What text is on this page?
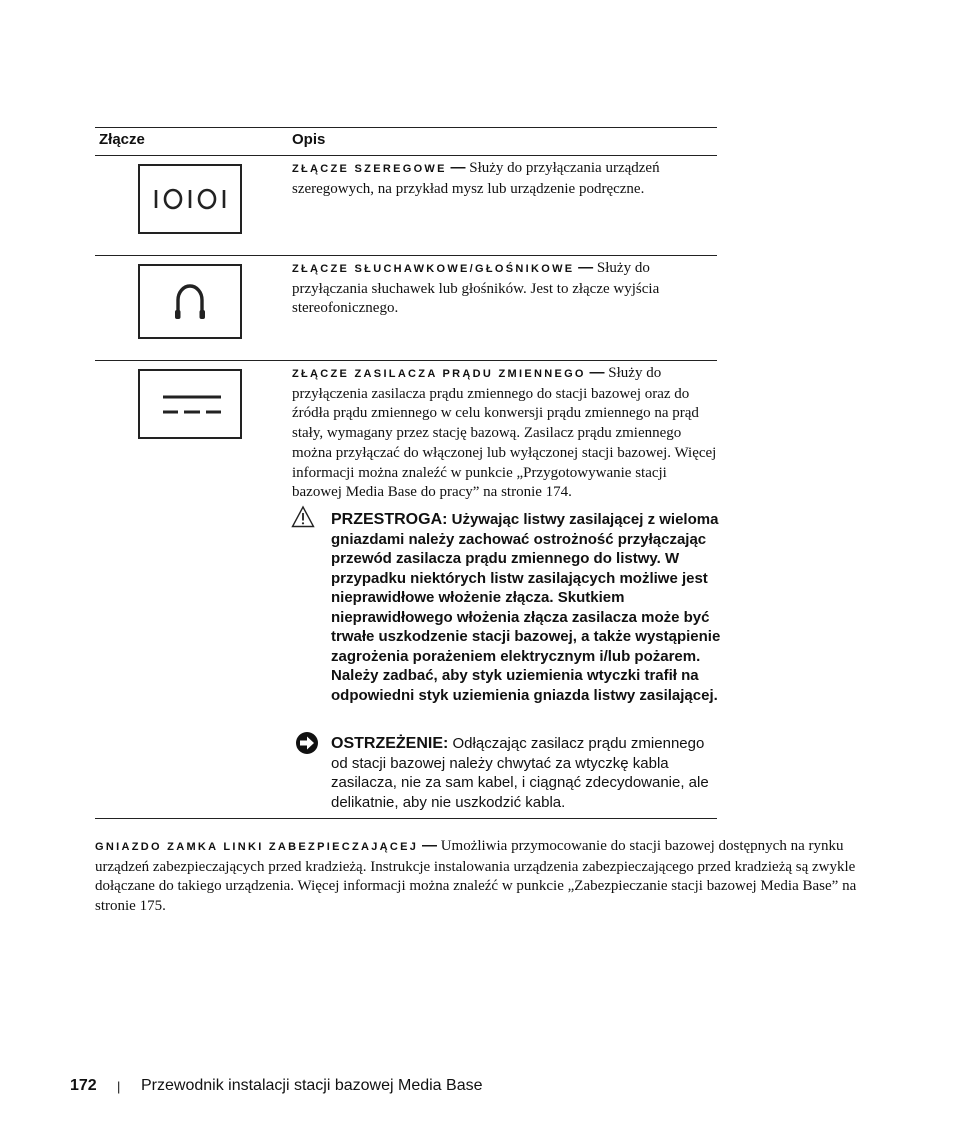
Złącze	Opis
ZŁĄCZE SZEREGOWE — Służy do przyłączania urządzeń szeregowych, na przykład mysz lub urządzenie podręczne.
ZŁĄCZE SŁUCHAWKOWE/GŁOŚNIKOWE — Służy do przyłączania słuchawek lub głośników. Jest to złącze wyjścia stereofonicznego.
ZŁĄCZE ZASILACZA PRĄDU ZMIENNEGO — Służy do przyłączenia zasilacza prądu zmiennego do stacji bazowej oraz do źródła prądu zmiennego w celu konwersji prądu zmiennego na prąd stały, wymagany przez stację bazową. Zasilacz prądu zmiennego można przyłączać do włączonej lub wyłączonej stacji bazowej. Więcej informacji można znaleźć w punkcie „Przygotowywanie stacji bazowej Media Base do pracy” na stronie 174.
PRZESTROGA: Używając listwy zasilającej z wieloma gniazdami należy zachować ostrożność przyłączając przewód zasilacza prądu zmiennego do listwy. W przypadku niektórych listw zasilających możliwe jest nieprawidłowe włożenie złącza. Skutkiem nieprawidłowego włożenia złącza zasilacza może być trwałe uszkodzenie stacji bazowej, a także wystąpienie zagrożenia porażeniem elektrycznym i/lub pożarem. Należy zadbać, aby styk uziemienia wtyczki trafił na odpowiedni styk uziemienia gniazda listwy zasilającej.
OSTRZEŻENIE: Odłączając zasilacz prądu zmiennego od stacji bazowej należy chwytać za wtyczkę kabla zasilacza, nie za sam kabel, i ciągnąć zdecydowanie, ale delikatnie, aby nie uszkodzić kabla.
GNIAZDO ZAMKA LINKI ZABEZPIECZAJĄCEJ — Umożliwia przymocowanie do stacji bazowej dostępnych na rynku urządzeń zabezpieczających przed kradzieżą. Instrukcje instalowania urządzenia zabezpieczającego przed kradzieżą są zwykle dołączane do takiego urządzenia. Więcej informacji można znaleźć w punkcie „Zabezpieczanie stacji bazowej Media Base” na stronie 175.
172 | Przewodnik instalacji stacji bazowej Media Base
